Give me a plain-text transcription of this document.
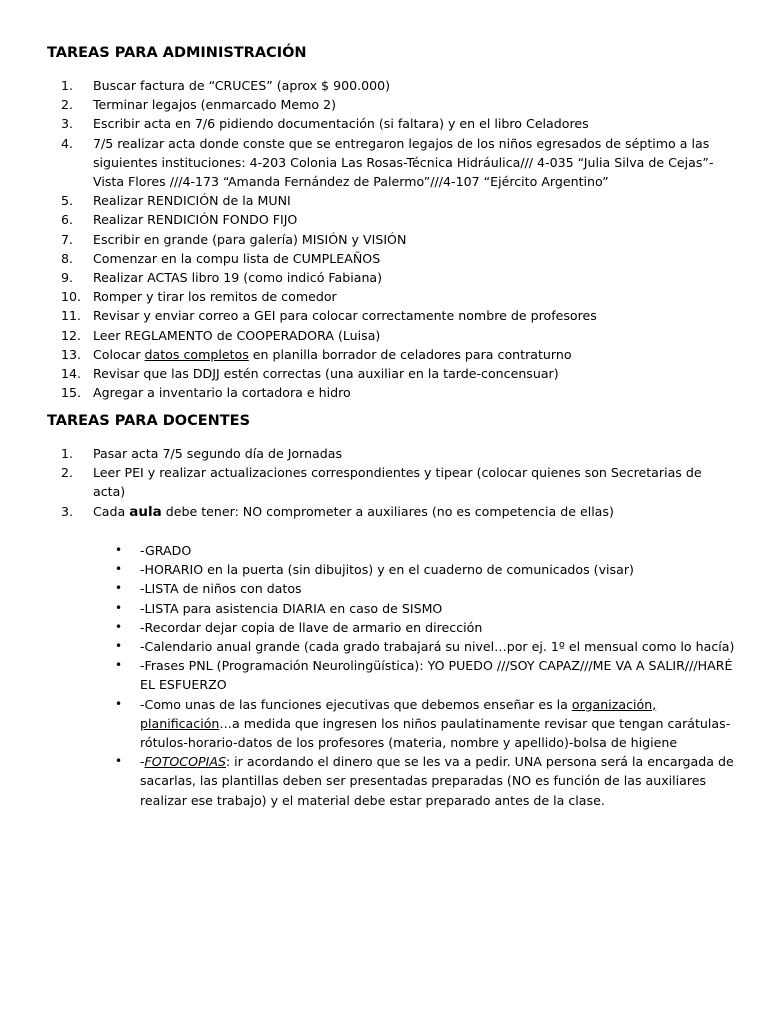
TAREAS PARA ADMINISTRACIÓN
1.	Buscar factura de “CRUCES” (aprox $ 900.000)
2.	Terminar legajos (enmarcado Memo 2)
3.	Escribir acta en 7/6 pidiendo documentación (si faltara) y en el libro Celadores
4.	7/5 realizar acta donde conste que se entregaron legajos de los niños egresados de séptimo a las siguientes instituciones: 4-203 Colonia Las Rosas-Técnica Hidráulica/// 4-035 “Julia Silva de Cejas”- Vista Flores ///4-173 “Amanda Fernández de Palermo”///4-107 “Ejército Argentino”
5.	Realizar RENDICIÓN de la MUNI
6.	Realizar RENDICIÓN FONDO FIJO
7.	Escribir en grande (para galería) MISIÓN y VISIÓN
8.	Comenzar en la compu lista de CUMPLEAÑOS
9.	Realizar ACTAS libro 19 (como indicó Fabiana)
10. Romper y tirar los remitos de comedor
11. Revisar y enviar correo a GEI para colocar correctamente nombre de profesores
12. Leer REGLAMENTO de COOPERADORA (Luisa)
13. Colocar datos completos en planilla borrador de celadores para contraturno
14. Revisar que las DDJJ estén correctas (una auxiliar en la tarde-concensuar)
15. Agregar a inventario la cortadora e hidro
TAREAS PARA DOCENTES
1.	Pasar acta 7/5 segundo día de Jornadas
2.	Leer PEI y realizar actualizaciones correspondientes y tipear (colocar quienes son Secretarias de acta)
3.	Cada aula debe tener: NO comprometer a auxiliares (no es competencia de ellas)
• -GRADO
• -HORARIO en la puerta (sin dibujitos) y en el cuaderno de comunicados (visar)
• -LISTA de niños con datos
• -LISTA para asistencia DIARIA en caso de SISMO
• -Recordar dejar copia de llave de armario en dirección
• -Calendario anual grande (cada grado trabajará su nivel…por ej. 1º el mensual como lo hacía)
• -Frases PNL (Programación Neurolingüística): YO PUEDO ///SOY CAPAZ///ME VA A SALIR///HARÉ EL ESFUERZO
• -Como unas de las funciones ejecutivas que debemos enseñar es la organización, planificación…a medida que ingresen los niños paulatinamente revisar que tengan carátulas-rótulos-horario-datos de los profesores (materia, nombre y apellido)-bolsa de higiene
• -FOTOCOPIAS: ir acordando el dinero que se les va a pedir. UNA persona será la encargada de sacarlas, las plantillas deben ser presentadas preparadas (NO es función de las auxiliares realizar ese trabajo) y el material debe estar preparado antes de la clase.
